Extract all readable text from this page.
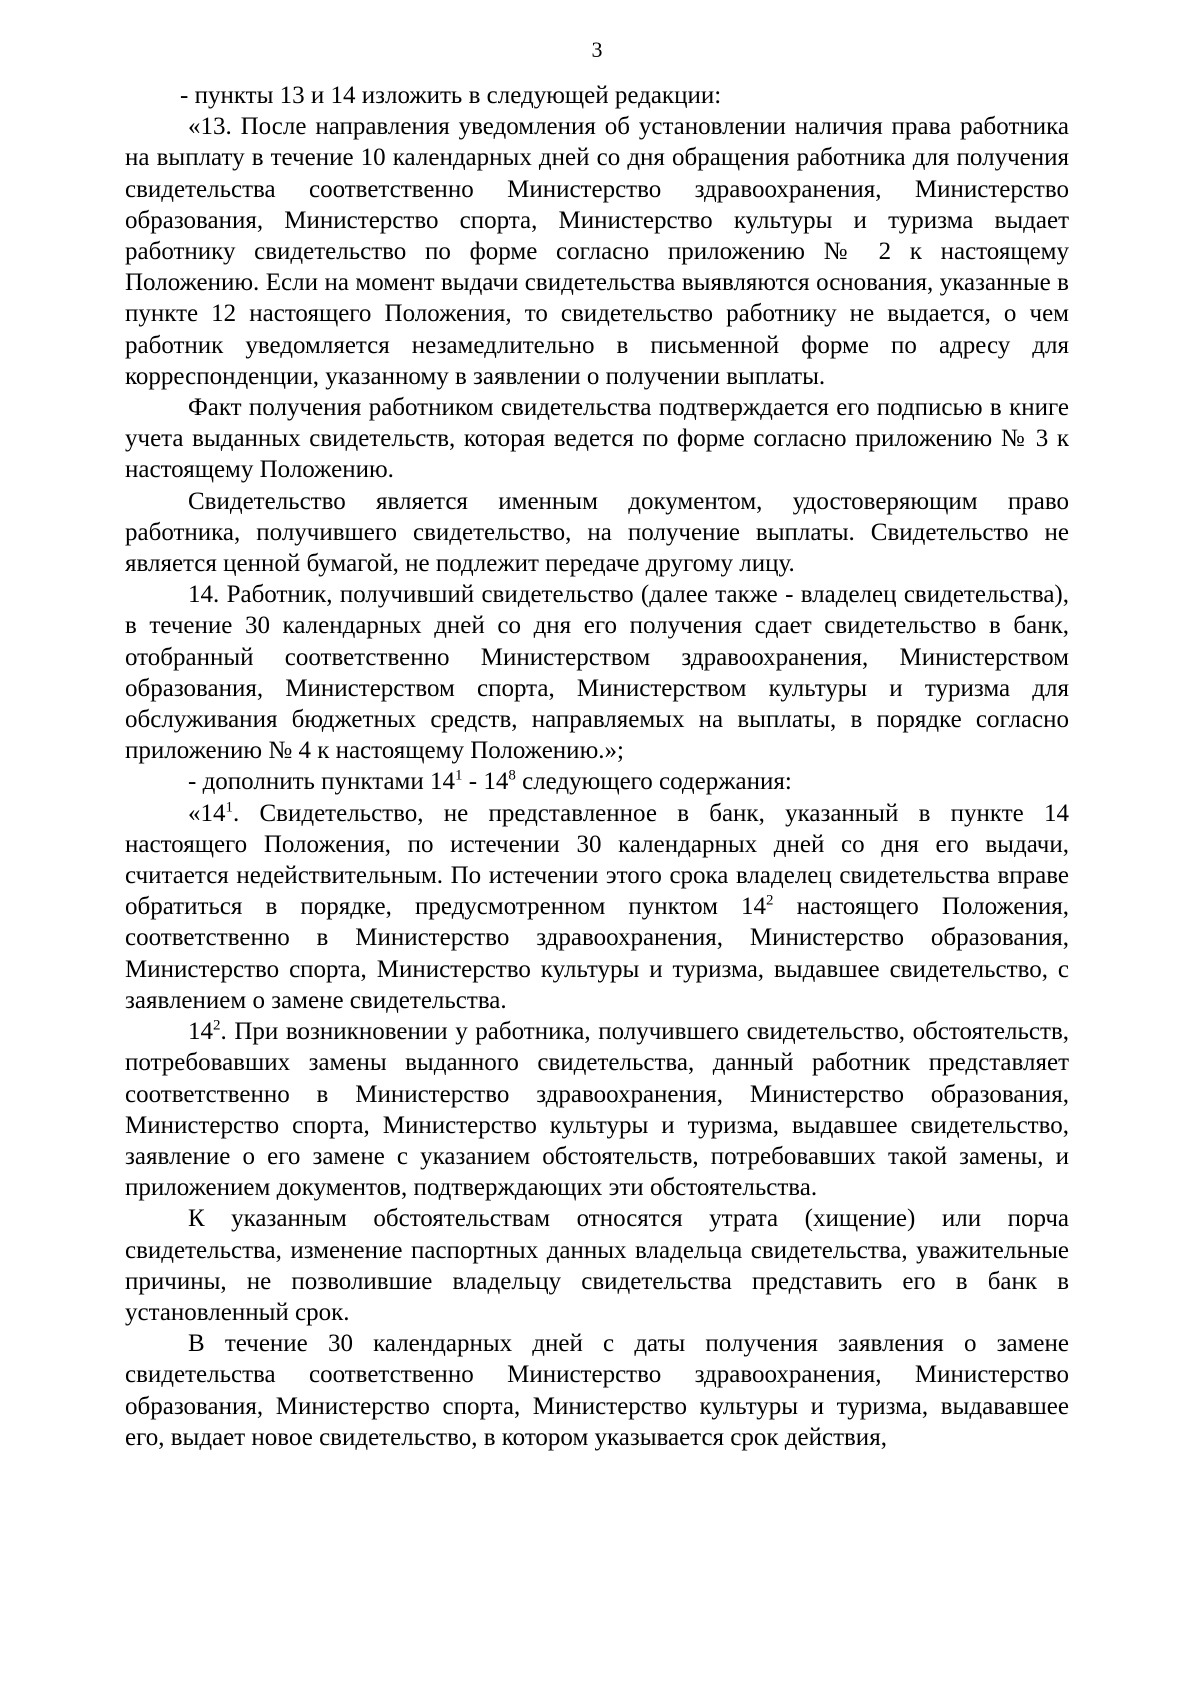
3

- пункты 13 и 14 изложить в следующей редакции:

«13. После направления уведомления об установлении наличия права работника на выплату в течение 10 календарных дней со дня обращения работника для получения свидетельства соответственно Министерство здравоохранения, Министерство образования, Министерство спорта, Министерство культуры и туризма выдает работнику свидетельство по форме согласно приложению № 2 к настоящему Положению. Если на момент выдачи свидетельства выявляются основания, указанные в пункте 12 настоящего Положения, то свидетельство работнику не выдается, о чем работник уведомляется незамедлительно в письменной форме по адресу для корреспонденции, указанному в заявлении о получении выплаты.

Факт получения работником свидетельства подтверждается его подписью в книге учета выданных свидетельств, которая ведется по форме согласно приложению № 3 к настоящему Положению.

Свидетельство является именным документом, удостоверяющим право работника, получившего свидетельство, на получение выплаты. Свидетельство не является ценной бумагой, не подлежит передаче другому лицу.

14. Работник, получивший свидетельство (далее также - владелец свидетельства), в течение 30 календарных дней со дня его получения сдает свидетельство в банк, отобранный соответственно Министерством здравоохранения, Министерством образования, Министерством спорта, Министерством культуры и туризма для обслуживания бюджетных средств, направляемых на выплаты, в порядке согласно приложению № 4 к настоящему Положению.»;

- дополнить пунктами $14^1 - 14^8$ следующего содержания:

«$14^1$. Свидетельство, не представленное в банк, указанный в пункте 14 настоящего Положения, по истечении 30 календарных дней со дня его выдачи, считается недействительным. По истечении этого срока владелец свидетельства вправе обратиться в порядке, предусмотренном пунктом $14^2$ настоящего Положения, соответственно в Министерство здравоохранения, Министерство образования, Министерство спорта, Министерство культуры и туризма, выдавшее свидетельство, с заявлением о замене свидетельства.

$14^2$. При возникновении у работника, получившего свидетельство, обстоятельств, потребовавших замены выданного свидетельства, данный работник представляет соответственно в Министерство здравоохранения, Министерство образования, Министерство спорта, Министерство культуры и туризма, выдавшее свидетельство, заявление о его замене с указанием обстоятельств, потребовавших такой замены, и приложением документов, подтверждающих эти обстоятельства.

К указанным обстоятельствам относятся утрата (хищение) или порча свидетельства, изменение паспортных данных владельца свидетельства, уважительные причины, не позволившие владельцу свидетельства представить его в банк в установленный срок.

В течение 30 календарных дней с даты получения заявления о замене свидетельства соответственно Министерство здравоохранения, Министерство образования, Министерство спорта, Министерство культуры и туризма, выдававшее его, выдает новое свидетельство, в котором указывается срок действия,
